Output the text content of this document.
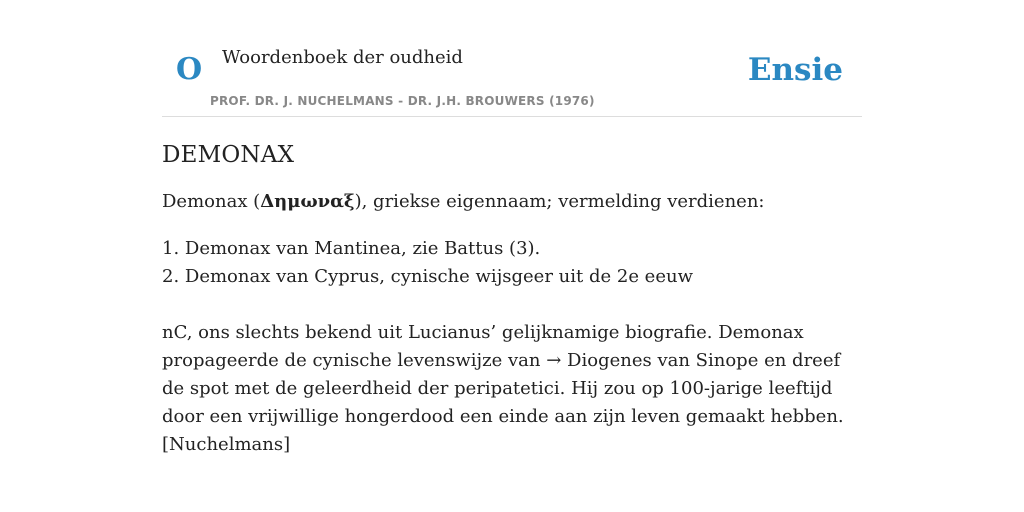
O Woordenboek der oudheid
PROF. DR. J. NUCHELMANS - DR. J.H. BROUWERS (1976)
Ensie
DEMONAX

Demonax (Δημωναξ), griekse eigennaam; vermelding verdienen:

1. Demonax van Mantinea, zie Battus (3).
2. Demonax van Cyprus, cynische wijsgeer uit de 2e eeuw

nC, ons slechts bekend uit Lucianus’ gelijknamige biografie. Demonax propageerde de cynische levenswijze van → Diogenes van Sinope en dreef de spot met de geleerdheid der peripatetici. Hij zou op 100-jarige leeftijd door een vrijwillige hongerdood een einde aan zijn leven gemaakt hebben. [Nuchelmans]
